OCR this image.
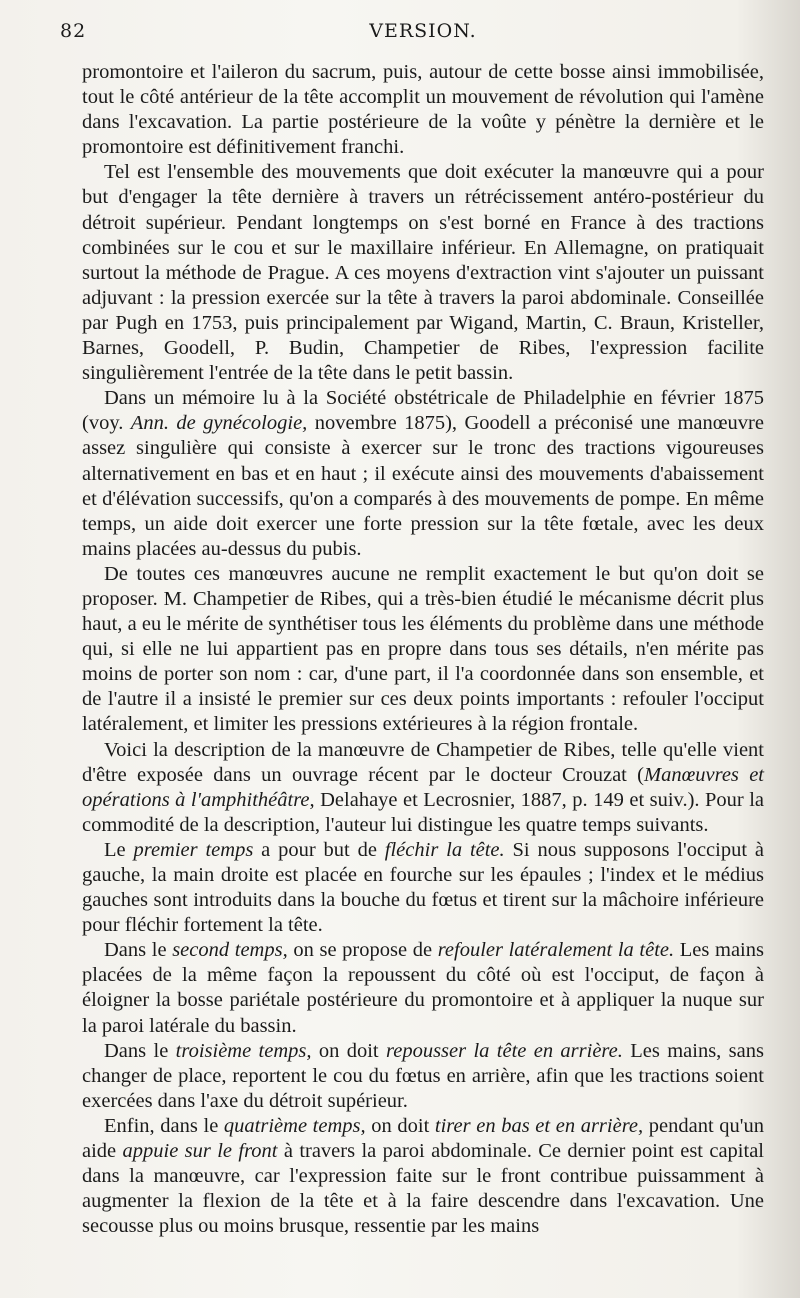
82	VERSION.

promontoire et l'aileron du sacrum, puis, autour de cette bosse ainsi immobilisée, tout le côté antérieur de la tête accomplit un mouvement de révolution qui l'amène dans l'excavation. La partie postérieure de la voûte y pénètre la dernière et le promontoire est définitivement franchi.

Tel est l'ensemble des mouvements que doit exécuter la manœuvre qui a pour but d'engager la tête dernière à travers un rétrécissement antéro-postérieur du détroit supérieur. Pendant longtemps on s'est borné en France à des tractions combinées sur le cou et sur le maxillaire inférieur. En Allemagne, on pratiquait surtout la méthode de Prague. A ces moyens d'extraction vint s'ajouter un puissant adjuvant : la pression exercée sur la tête à travers la paroi abdominale. Conseillée par Pugh en 1753, puis principalement par Wigand, Martin, C. Braun, Kristeller, Barnes, Goodell, P. Budin, Champetier de Ribes, l'expression facilite singulièrement l'entrée de la tête dans le petit bassin.

Dans un mémoire lu à la Société obstétricale de Philadelphie en février 1875 (voy. Ann. de gynécologie, novembre 1875), Goodell a préconisé une manœuvre assez singulière qui consiste à exercer sur le tronc des tractions vigoureuses alternativement en bas et en haut ; il exécute ainsi des mouvements d'abaissement et d'élévation successifs, qu'on a comparés à des mouvements de pompe. En même temps, un aide doit exercer une forte pression sur la tête fœtale, avec les deux mains placées au-dessus du pubis.

De toutes ces manœuvres aucune ne remplit exactement le but qu'on doit se proposer. M. Champetier de Ribes, qui a très-bien étudié le mécanisme décrit plus haut, a eu le mérite de synthétiser tous les éléments du problème dans une méthode qui, si elle ne lui appartient pas en propre dans tous ses détails, n'en mérite pas moins de porter son nom : car, d'une part, il l'a coordonnée dans son ensemble, et de l'autre il a insisté le premier sur ces deux points importants : refouler l'occiput latéralement, et limiter les pressions extérieures à la région frontale.

Voici la description de la manœuvre de Champetier de Ribes, telle qu'elle vient d'être exposée dans un ouvrage récent par le docteur Crouzat (Manœuvres et opérations à l'amphithéâtre, Delahaye et Lecrosnier, 1887, p. 149 et suiv.). Pour la commodité de la description, l'auteur lui distingue les quatre temps suivants.

Le premier temps a pour but de fléchir la tête. Si nous supposons l'occiput à gauche, la main droite est placée en fourche sur les épaules ; l'index et le médius gauches sont introduits dans la bouche du fœtus et tirent sur la mâchoire inférieure pour fléchir fortement la tête.

Dans le second temps, on se propose de refouler latéralement la tête. Les mains placées de la même façon la repoussent du côté où est l'occiput, de façon à éloigner la bosse pariétale postérieure du promontoire et à appliquer la nuque sur la paroi latérale du bassin.

Dans le troisième temps, on doit repousser la tête en arrière. Les mains, sans changer de place, reportent le cou du fœtus en arrière, afin que les tractions soient exercées dans l'axe du détroit supérieur.

Enfin, dans le quatrième temps, on doit tirer en bas et en arrière, pendant qu'un aide appuie sur le front à travers la paroi abdominale. Ce dernier point est capital dans la manœuvre, car l'expression faite sur le front contribue puissamment à augmenter la flexion de la tête et à la faire descendre dans l'excavation. Une secousse plus ou moins brusque, ressentie par les mains
